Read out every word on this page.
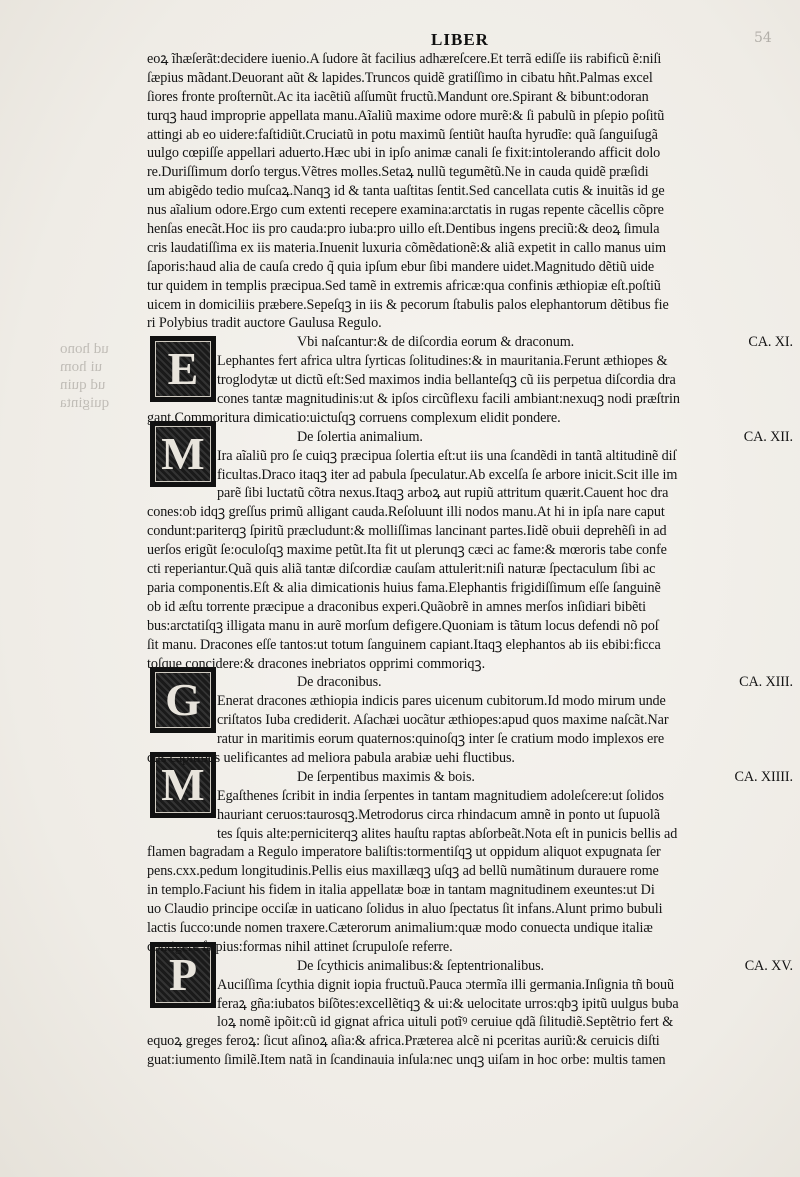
ud hono
ui hom
ud quin
quiginta
LIBER	54
E
M
G
M
P
eoꝝ ĩhæſerãt:decidere iuenio.A ſudore ãt facilius adhæreſcere.Et terrã ediſſe iis rabificũ ẽ:niſi
ſæpius mãdant.Deuorant aũt & lapides.Truncos quidẽ gratiſſimo in cibatu hñt.Palmas excel
ſiores fronte proſternũt.Ac ita iacẽtiũ aſſumũt fructũ.Mandunt ore.Spirant & bibunt:odoran
turqꝫ haud improprie appellata manu.Aĩaliũ maxime odore murẽ:& ſi pabulũ in pſepio poſitũ
attingi ab eo uidere:faſtidiũt.Cruciatũ in potu maximũ ſentiũt hauſta hyrudĩe: quã ſanguiſugã
uulgo cœpiſſe appellari aduerto.Hæc ubi in ipſo animæ canali ſe fixit:intolerando afficit dolo
re.Duriſſimum dorſo tergus.Vẽtres molles.Setaꝝ nullũ tegumẽtũ.Ne in cauda quidẽ præſidi
um abigẽdo tedio muſcaꝝ.Nanqꝫ id & tanta uaſtitas ſentit.Sed cancellata cutis & inuitãs id ge
nus aĩalium odore.Ergo cum extenti recepere examina:arctatis in rugas repente cãcellis cõpre
henſas enecãt.Hoc iis pro cauda:pro iuba:pro uillo eſt.Dentibus ingens preciũ:& deoꝝ ſimula
cris laudatiſſima ex iis materia.Inuenit luxuria cõmẽdationẽ:& aliã expetit in callo manus uim
ſaporis:haud alia de cauſa credo q̃ quia ipſum ebur ſibi mandere uidet.Magnitudo dẽtiũ uide
tur quidem in templis præcipua.Sed tamẽ in extremis africæ:qua confinis æthiopiæ eſt.poſtiũ
uicem in domiciliis præbere.Sepeſqꝫ in iis & pecorum ſtabulis palos elephantorum dẽtibus fie
ri Polybius tradit auctore Gaulusa Regulo.
Vbi naſcantur:& de diſcordia eorum & draconum.	CA. XI.
Lephantes fert africa ultra ſyrticas ſolitudines:& in mauritania.Ferunt æthiopes &
troglodytæ ut dictũ eſt:Sed maximos india bellanteſqꝫ cũ iis perpetua diſcordia dra
cones tantæ magnitudinis:ut & ipſos circũflexu facili ambiant:nexuqꝫ nodi præſtrin
gant.Commoritura dimicatio:uictuſqꝫ corruens complexum elidit pondere.
De ſolertia animalium.	CA. XII.
Ira aĩaliũ pro ſe cuiqꝫ præcipua ſolertia eſt:ut iis una ſcandẽdi in tantã altitudinẽ diſ
ficultas.Draco itaqꝫ iter ad pabula ſpeculatur.Ab excelſa ſe arbore inicit.Scit ille im
parẽ ſibi luctatũ cõtra nexus.Itaqꝫ arboꝝ aut rupiũ attritum quærit.Cauent hoc dra
cones:ob idqꝫ greſſus primũ alligant cauda.Reſoluunt illi nodos manu.At hi in ipſa nare caput
condunt:pariterqꝫ ſpiritũ præcludunt:& molliſſimas lancinant partes.Iidẽ obuii deprehẽſi in ad
uerſos erigũt ſe:oculoſqꝫ maxime petũt.Ita fit ut plerunqꝫ cæci ac fame:& mœroris tabe confe
cti reperiantur.Quã quis aliã tantæ diſcordiæ cauſam attulerit:niſi naturæ ſpectaculum ſibi ac
paria componentis.Eſt & alia dimicationis huius fama.Elephantis frigidiſſimum eſſe ſanguinẽ
ob id æſtu torrente præcipue a draconibus experi.Quãobrẽ in amnes merſos inſidiari bibẽti
bus:arctatiſqꝫ illigata manu in aurẽ morſum defigere.Quoniam is tãtum locus defendi nõ poſ
ſit manu. Dracones eſſe tantos:ut totum ſanguinem capiant.Itaqꝫ elephantos ab iis ebibi:ficca
toſque concidere:& dracones inebriatos opprimi commoriqꝫ.
De draconibus.	CA. XIII.
Enerat dracones æthiopia indicis pares uicenum cubitorum.Id modo mirum unde
criſtatos Iuba crediderit. Aſachæi uocãtur æthiopes:apud quos maxime naſcãt.Nar
ratur in maritimis eorum quaternos:quinoſqꝫ inter ſe cratium modo implexos ere
ctis capitibus uelificantes ad meliora pabula arabiæ uehi fluctibus.
De ſerpentibus maximis & bois.	CA. XIIII.
Egaſthenes ſcribit in india ſerpentes in tantam magnitudiem adoleſcere:ut ſolidos
hauriant ceruos:taurosqꝫ.Metrodorus circa rhindacum amnẽ in ponto ut ſupuolã
tes ſquis alte:perniciterqꝫ alites hauſtu raptas abſorbeãt.Nota eſt in punicis bellis ad
flamen bagradam a Regulo imperatore baliſtis:tormentiſqꝫ ut oppidum aliquot expugnata ſer
pens.cxx.pedum longitudinis.Pellis eius maxillæqꝫ uſqꝫ ad bellũ numãtinum durauere rome
in templo.Faciunt his fidem in italia appellatæ boæ in tantam magnitudinem exeuntes:ut Di
uo Claudio principe occiſæ in uaticano ſolidus in aluo ſpectatus ſit infans.Alunt primo bubuli
lactis ſucco:unde nomen traxere.Cæterorum animalium:quæ modo conuecta undique italiæ
contigere ſæpius:formas nihil attinet ſcrupuloſe referre.
De ſcythicis animalibus:& ſeptentrionalibus.	CA. XV.
Auciſſima ſcythia dignit iopia fructuũ.Pauca ɔtermĩa illi germania.Inſignia tñ bouũ
feraꝝ gña:iubatos biſõtes:excellẽtiqꝫ & ui:& uelocitate urros:qbꝫ ipitũ uulgus buba
loꝝ nomẽ ipõit:cũ id gignat africa uituli potĩꝰ ceruiue qdã ſilitudiẽ.Septẽtrio fert &
equoꝝ greges feroꝝ: ſicut aſinoꝝ aſia:& africa.Præterea alcẽ ni pceritas auriũ:& ceruicis diſti
guat:iumento ſimilẽ.Item natã in ſcandinauia inſula:nec unqꝫ uiſam in hoc orbe: multis tamen
